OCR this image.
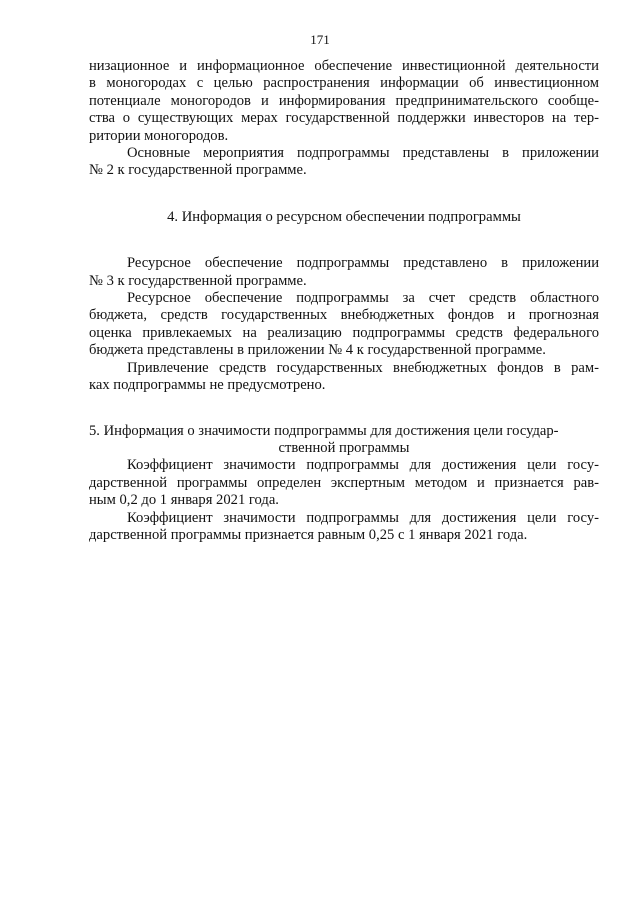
171
низационное и информационное обеспечение инвестиционной деятельности
в моногородах с целью распространения информации об инвестиционном
потенциале моногородов и информирования предпринимательского сообще-
ства о существующих мерах государственной поддержки инвесторов на тер-
ритории моногородов.
Основные мероприятия подпрограммы представлены в приложении
№ 2 к государственной программе.
4. Информация о ресурсном обеспечении подпрограммы
Ресурсное обеспечение подпрограммы представлено в приложении
№ 3 к государственной программе.
Ресурсное обеспечение подпрограммы за счет средств областного
бюджета, средств государственных внебюджетных фондов и прогнозная
оценка привлекаемых на реализацию подпрограммы средств федерального
бюджета представлены в приложении № 4 к государственной программе.
Привлечение средств государственных внебюджетных фондов в рам-
ках подпрограммы не предусмотрено.
5. Информация о значимости подпрограммы для достижения цели государ-
ственной программы
Коэффициент значимости подпрограммы для достижения цели госу-
дарственной программы определен экспертным методом и признается рав-
ным 0,2 до 1 января 2021 года.
Коэффициент значимости подпрограммы для достижения цели госу-
дарственной программы признается равным 0,25 с 1 января 2021 года.
